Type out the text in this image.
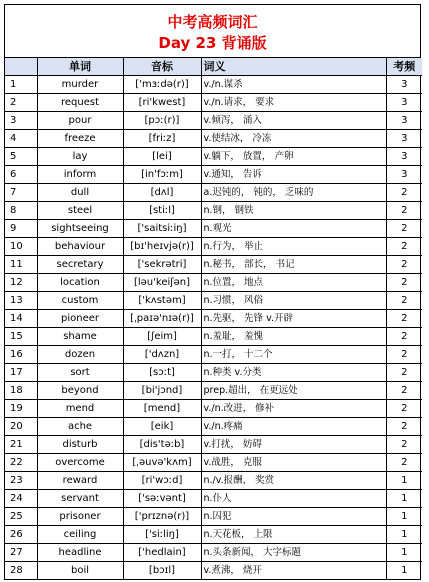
中考高频词汇
Day 23 背诵版
	单词	音标	词义	考频
1	murder	['mɜːdə(r)]	v./n.谋杀	3
2	request	[ri'kwest]	v./n.请求， 要求	3
3	pour	[pɔː(r)]	v.倾泻， 涌入	3
4	freeze	[friːz]	v.使结冰， 冷冻	3
5	lay	[lei]	v.躺下， 放置， 产卵	3
6	inform	[in'fɔːm]	v.通知， 告诉	3
7	dull	[dʌl]	a.迟钝的， 钝的， 乏味的	2
8	steel	[stiːl]	n.钢， 钢铁	2
9	sightseeing	['saitsiːiŋ]	n.观光	2
10	behaviour	[bɪ'heɪvjə(r)]	n.行为， 举止	2
11	secretary	['sekrətri]	n.秘书， 部长， 书记	2
12	location	[ləu'keiʃən]	n.位置， 地点	2
13	custom	['kʌstəm]	n.习惯， 风俗	2
14	pioneer	[ˌpaɪə'nɪə(r)]	n.先驱， 先锋 v.开辟	2
15	shame	[ʃeim]	n.羞耻， 羞愧	2
16	dozen	['dʌzn]	n.一打， 十二个	2
17	sort	[sɔːt]	n.种类 v.分类	2
18	beyond	[bi'jɔnd]	prep.超出， 在更远处	2
19	mend	[mend]	v./n.改进， 修补	2
20	ache	[eik]	v./n.疼痛	2
21	disturb	[dis'təːb]	v.打扰， 妨碍	2
22	overcome	[ˌəuvə'kʌm]	v.战胜， 克服	2
23	reward	[ri'wɔːd]	n./v.报酬， 奖赏	1
24	servant	['səːvənt]	n.仆人	1
25	prisoner	['prɪznə(r)]	n.囚犯	1
26	ceiling	['siːliŋ]	n.天花板， 上限	1
27	headline	['hedlain]	n.头条新闻， 大字标题	1
28	boil	[bɔɪl]	v.煮沸， 烧开	1
